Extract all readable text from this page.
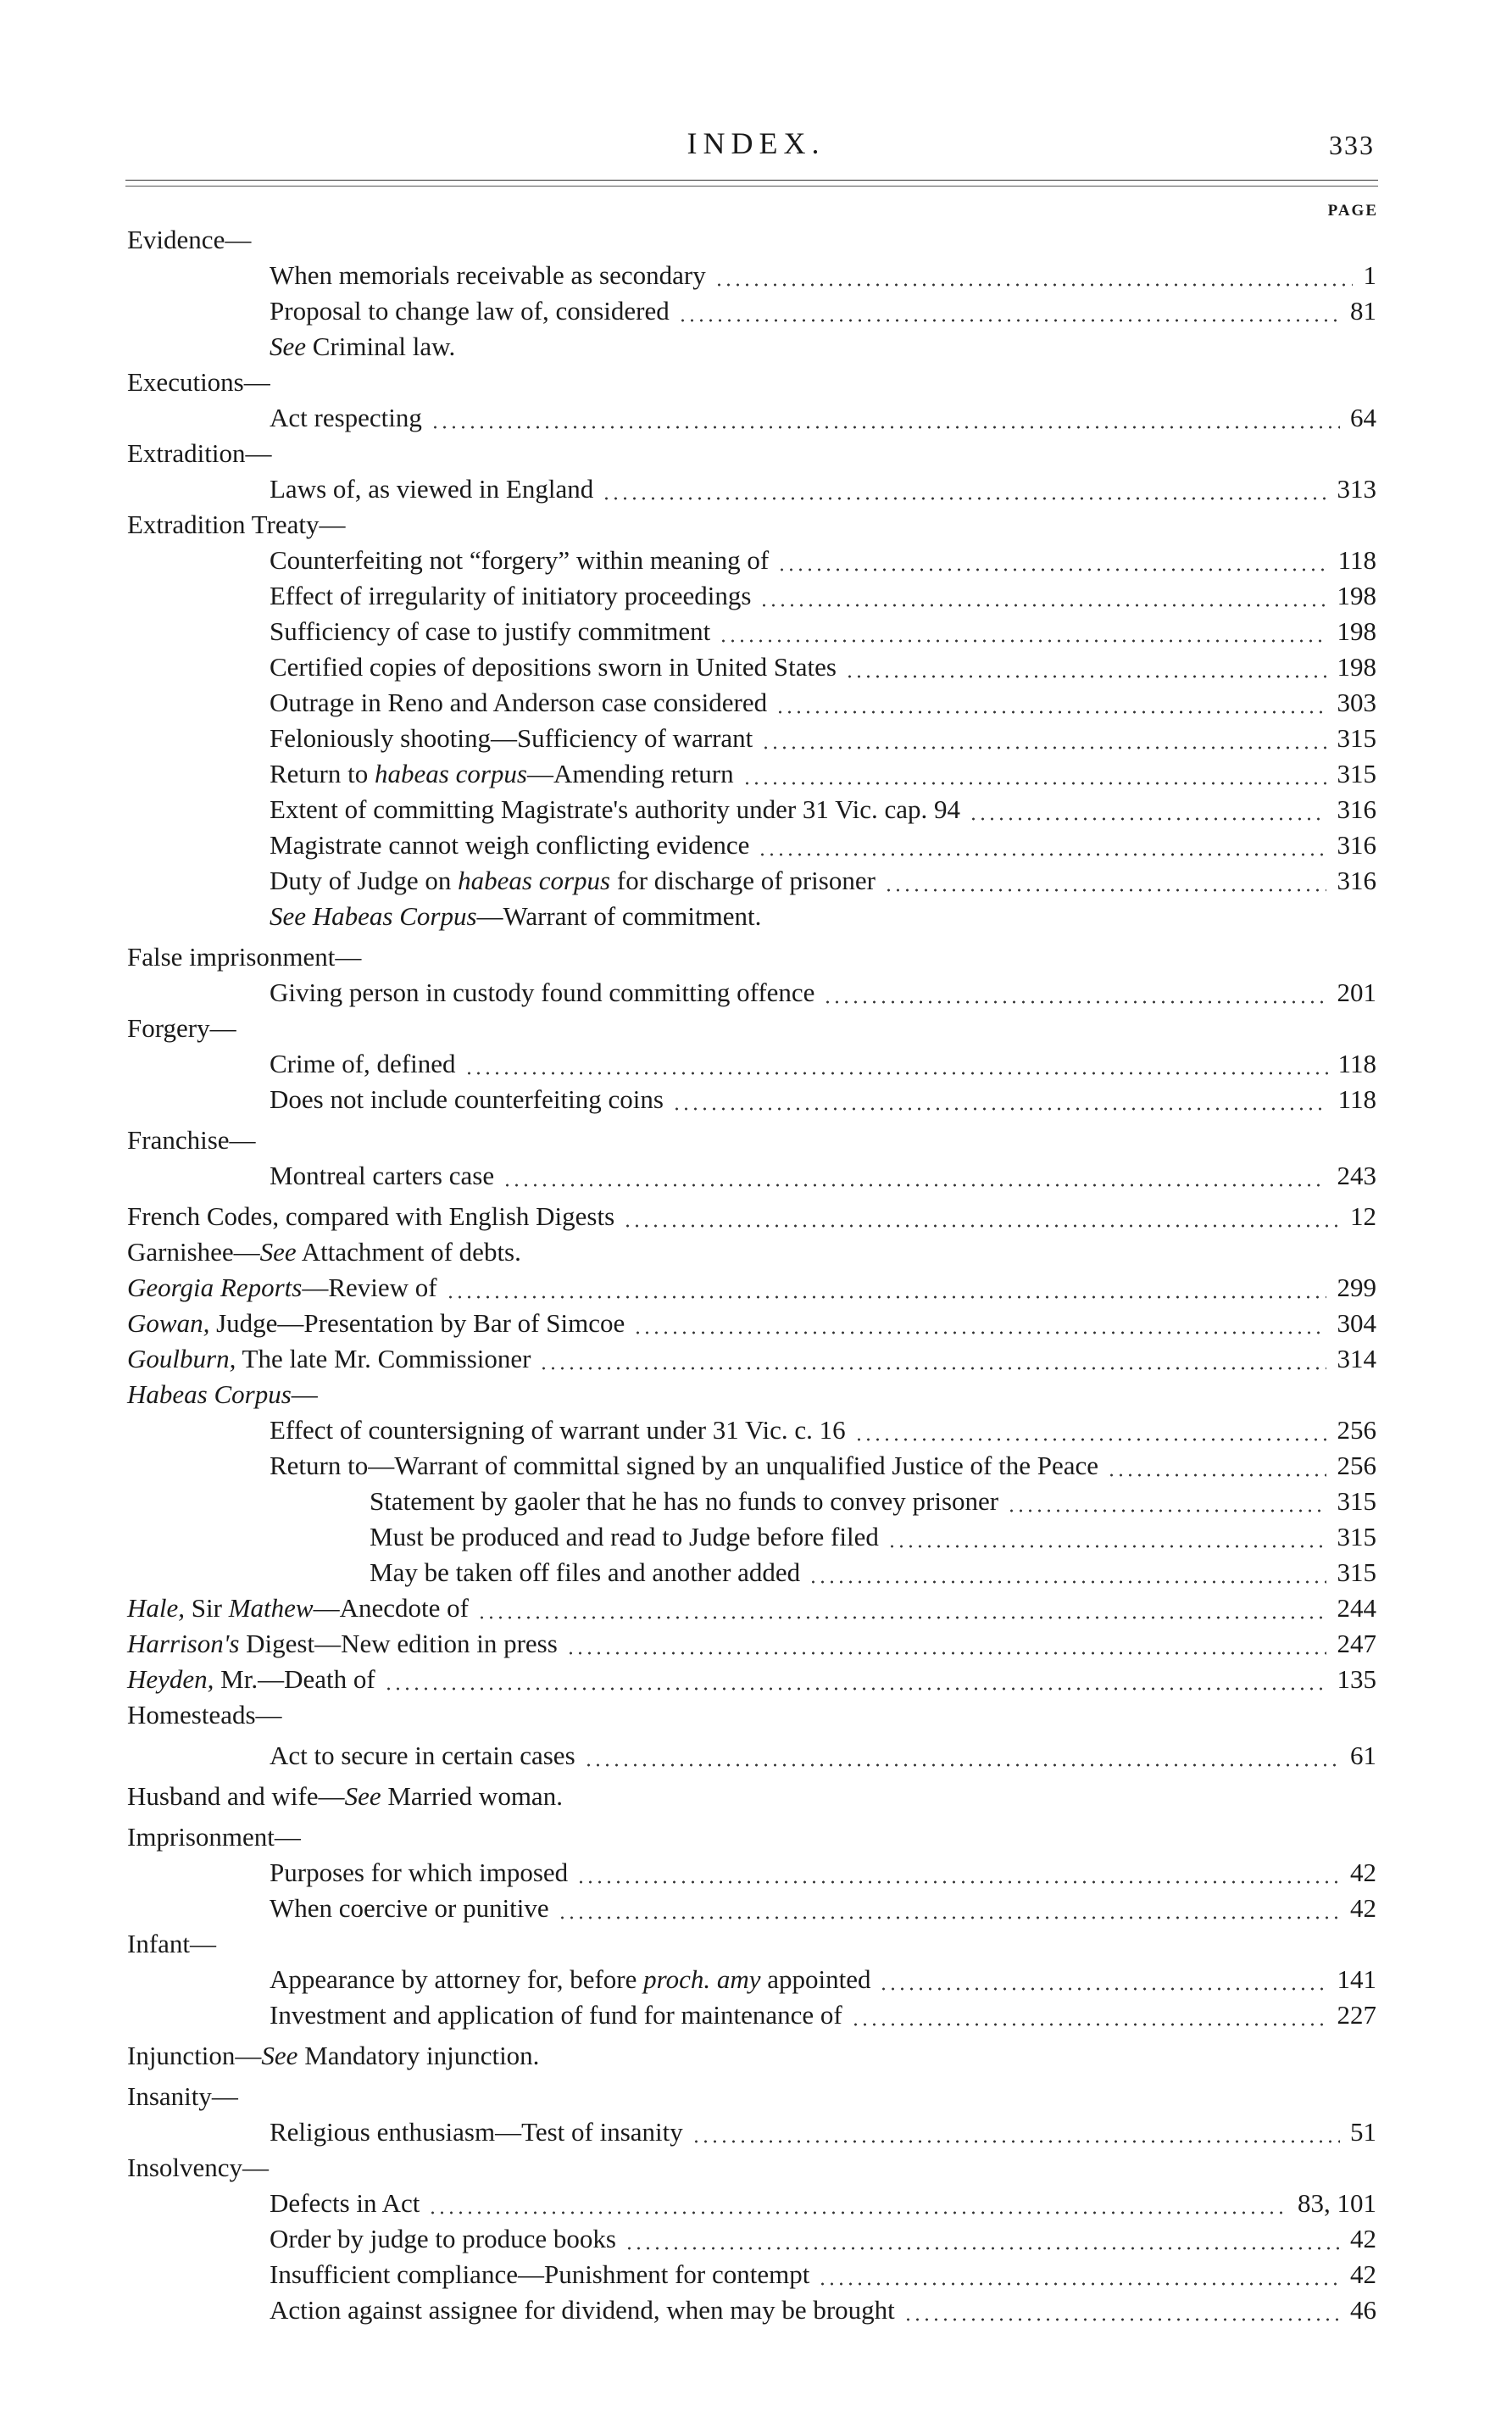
INDEX.	333
PAGE
Evidence—
When memorials receivable as secondary	1
Proposal to change law of, considered	81
See Criminal law.
Executions—
Act respecting	64
Extradition—
Laws of, as viewed in England	313
Extradition Treaty—
Counterfeiting not “forgery” within meaning of	118
Effect of irregularity of initiatory proceedings	198
Sufficiency of case to justify commitment	198
Certified copies of depositions sworn in United States	198
Outrage in Reno and Anderson case considered	303
Feloniously shooting—Sufficiency of warrant	315
Return to habeas corpus—Amending return	315
Extent of committing Magistrate's authority under 31 Vic. cap. 94	316
Magistrate cannot weigh conflicting evidence	316
Duty of Judge on habeas corpus for discharge of prisoner	316
See Habeas Corpus—Warrant of commitment.
False imprisonment—
Giving person in custody found committing offence	201
Forgery—
Crime of, defined	118
Does not include counterfeiting coins	118
Franchise—
Montreal carters case	243
French Codes, compared with English Digests	12
Garnishee—See Attachment of debts.
Georgia Reports—Review of	299
Gowan, Judge—Presentation by Bar of Simcoe	304
Goulburn, The late Mr. Commissioner	314
Habeas Corpus—
Effect of countersigning of warrant under 31 Vic. c. 16	256
Return to—Warrant of committal signed by an unqualified Justice of the Peace	256
Statement by gaoler that he has no funds to convey prisoner	315
Must be produced and read to Judge before filed	315
May be taken off files and another added	315
Hale, Sir Mathew—Anecdote of	244
Harrison's Digest—New edition in press	247
Heyden, Mr.—Death of	135
Homesteads—
Act to secure in certain cases	61
Husband and wife—See Married woman.
Imprisonment—
Purposes for which imposed	42
When coercive or punitive	42
Infant—
Appearance by attorney for, before proch. amy appointed	141
Investment and application of fund for maintenance of	227
Injunction—See Mandatory injunction.
Insanity—
Religious enthusiasm—Test of insanity	51
Insolvency—
Defects in Act	83, 101
Order by judge to produce books	42
Insufficient compliance—Punishment for contempt	42
Action against assignee for dividend, when may be brought	46
